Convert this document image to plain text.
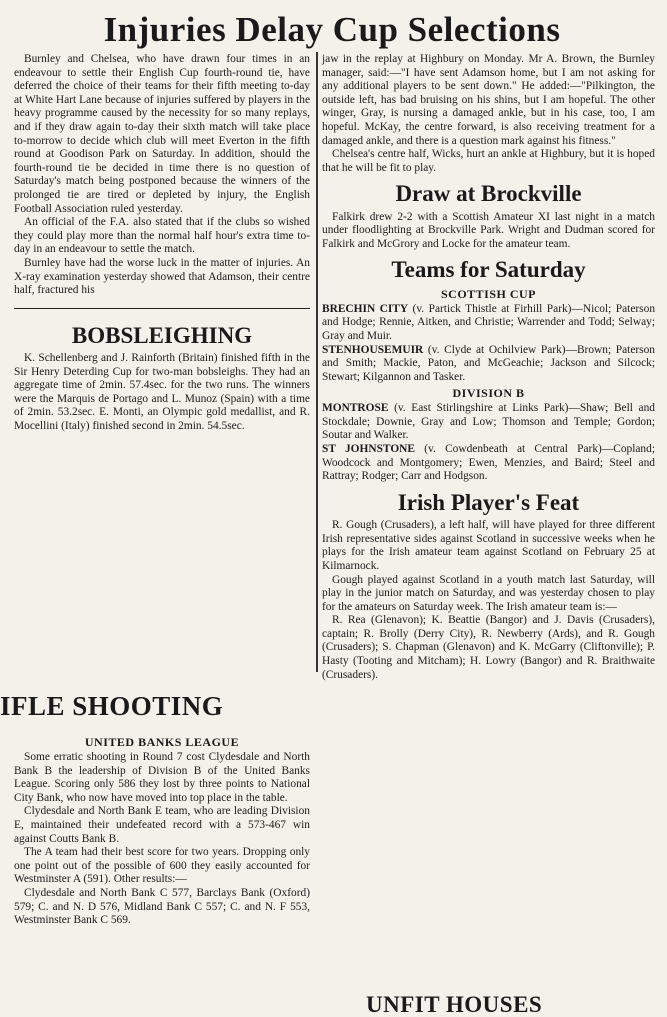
Injuries Delay Cup Selections

Burnley and Chelsea, who have drawn four times in an endeavour to settle their English Cup fourth-round tie, have deferred the choice of their teams for their fifth meeting to-day at White Hart Lane because of injuries suffered by players in the heavy programme caused by the necessity for so many replays, and if they draw again to-day their sixth match will take place to-morrow to decide which club will meet Everton in the fifth round at Goodison Park on Saturday. In addition, should the fourth-round tie be decided in time there is no question of Saturday's match being postponed because the winners of the prolonged tie are tired or depleted by injury, the English Football Association ruled yesterday.

An official of the F.A. also stated that if the clubs so wished they could play more than the normal half hour's extra time to-day in an endeavour to settle the match.

Burnley have had the worse luck in the matter of injuries. An X-ray examination yesterday showed that Adamson, their centre half, fractured his

BOBSLEIGHING

K. Schellenberg and J. Rainforth (Britain) finished fifth in the Sir Henry Deterding Cup for two-man bobsleighs. They had an aggregate time of 2min. 57.4sec. for the two runs. The winners were the Marquis de Portago and L. Munoz (Spain) with a time of 2min. 53.2sec. E. Monti, an Olympic gold medallist, and R. Mocellini (Italy) finished second in 2min. 54.5sec.

IFLE SHOOTING
UNITED BANKS LEAGUE

Some erratic shooting in Round 7 cost Clydesdale and North Bank B the leadership of Division B of the United Banks League. Scoring only 586 they lost by three points to National City Bank, who now have moved into top place in the table.

Clydesdale and North Bank E team, who are leading Division E, maintained their undefeated record with a 573-467 win against Coutts Bank B.

The A team had their best score for two years. Dropping only one point out of the possible of 600 they easily accounted for Westminster A (591). Other results:—

Clydesdale and North Bank C 577, Barclays Bank (Oxford) 579; C. and N. D 576, Midland Bank C 557; C. and N. F 553, Westminster Bank C 569.

jaw in the replay at Highbury on Monday. Mr A. Brown, the Burnley manager, said:—"I have sent Adamson home, but I am not asking for any additional players to be sent down." He added:—"Pilkington, the outside left, has bad bruising on his shins, but I am hopeful. The other winger, Gray, is nursing a damaged ankle, but in his case, too, I am hopeful. McKay, the centre forward, is also receiving treatment for a damaged ankle, and there is a question mark against his fitness."

Chelsea's centre half, Wicks, hurt an ankle at Highbury, but it is hoped that he will be fit to play.

Draw at Brockville

Falkirk drew 2-2 with a Scottish Amateur XI last night in a match under floodlighting at Brockville Park. Wright and Dudman scored for Falkirk and McGrory and Locke for the amateur team.

Teams for Saturday
SCOTTISH CUP

BRECHIN CITY (v. Partick Thistle at Firhill Park)—Nicol; Paterson and Hodge; Rennie, Aitken, and Christie; Warrender and Todd; Selway; Gray and Muir.

STENHOUSEMUIR (v. Clyde at Ochilview Park)—Brown; Paterson and Smith; Mackie, Paton, and McGeachie; Jackson and Silcock; Stewart; Kilgannon and Tasker.

DIVISION B

MONTROSE (v. East Stirlingshire at Links Park)—Shaw; Bell and Stockdale; Downie, Gray and Low; Thomson and Temple; Gordon; Soutar and Walker.

ST JOHNSTONE (v. Cowdenbeath at Central Park)—Copland; Woodcock and Montgomery; Ewen, Menzies, and Baird; Steel and Rattray; Rodger; Carr and Hodgson.

Irish Player's Feat

R. Gough (Crusaders), a left half, will have played for three different Irish representative sides against Scotland in successive weeks when he plays for the Irish amateur team against Scotland on February 25 at Kilmarnock.

Gough played against Scotland in a youth match last Saturday, will play in the junior match on Saturday, and was yesterday chosen to play for the amateurs on Saturday week. The Irish amateur team is:—

R. Rea (Glenavon); K. Beattie (Bangor) and J. Davis (Crusaders), captain; R. Brolly (Derry City), R. Newberry (Ards), and R. Gough (Crusaders); S. Chapman (Glenavon) and K. McGarry (Cliftonville); P. Hasty (Tooting and Mitcham); H. Lowry (Bangor) and R. Braithwaite (Crusaders).

UNFIT HOUSES
